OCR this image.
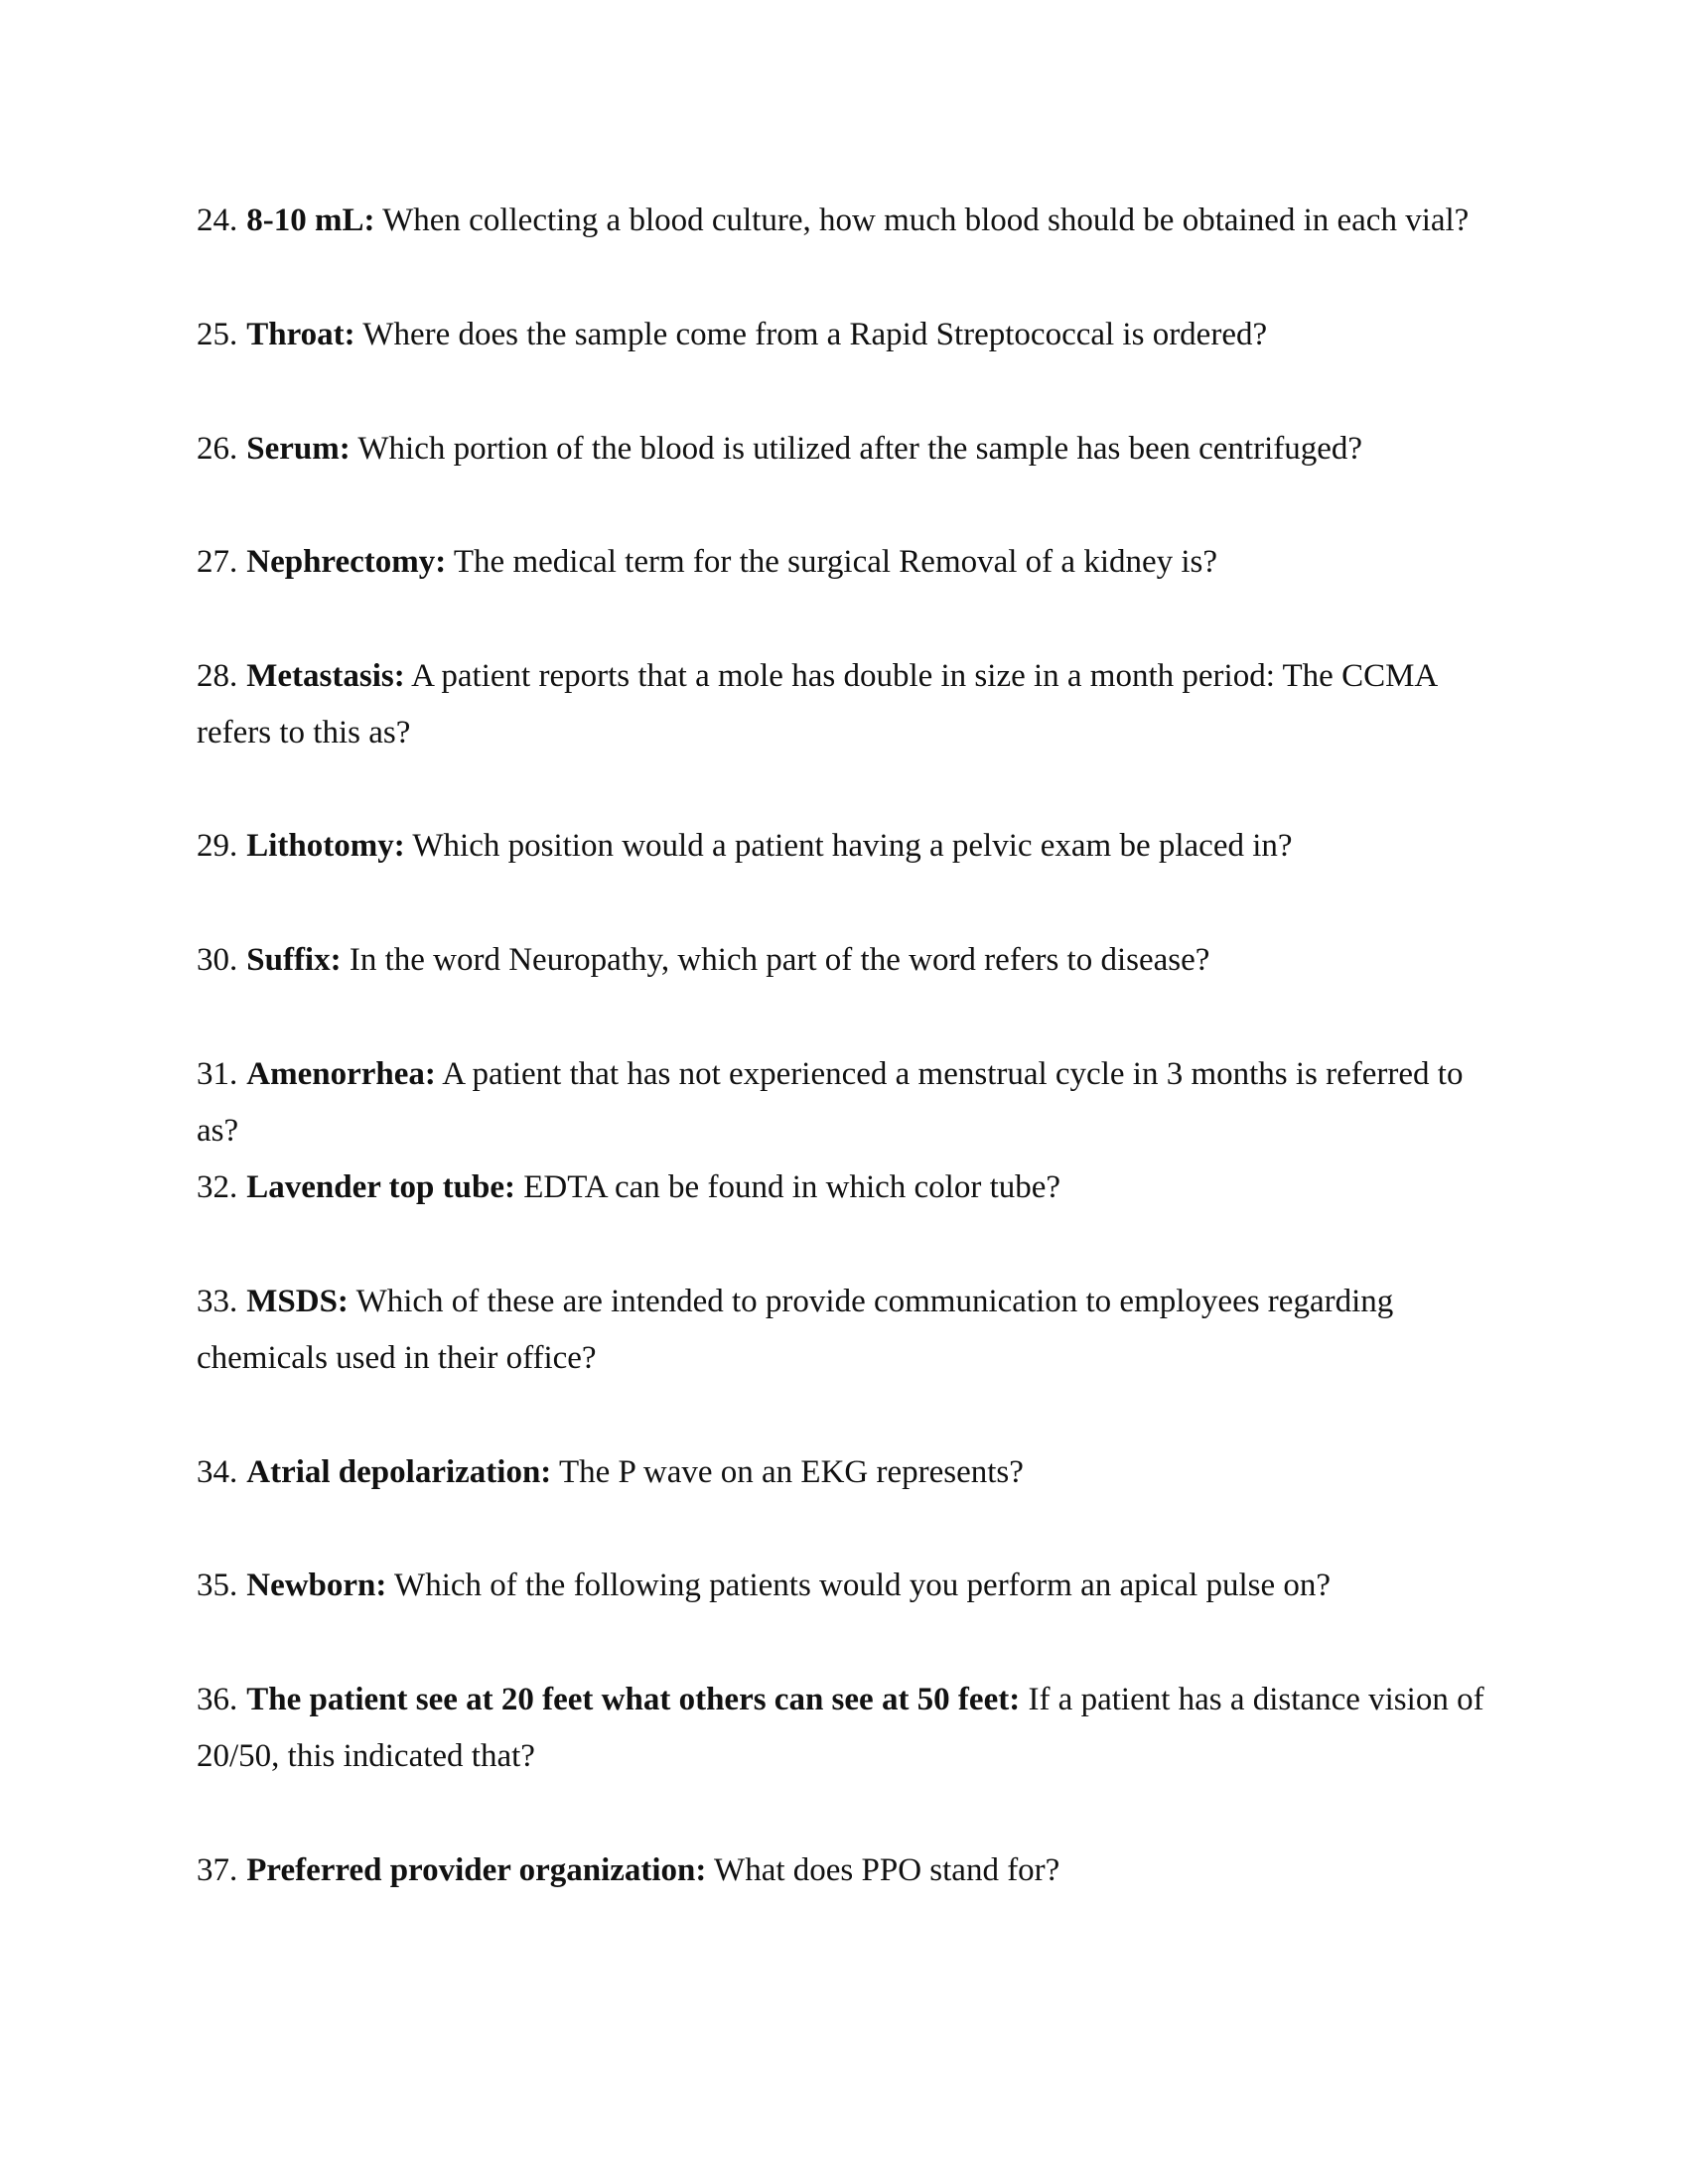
24. 8-10 mL: When collecting a blood culture, how much blood should be obtained in each vial?
25. Throat: Where does the sample come from a Rapid Streptococcal is ordered?
26. Serum: Which portion of the blood is utilized after the sample has been centrifuged?
27. Nephrectomy: The medical term for the surgical Removal of a kidney is?
28. Metastasis: A patient reports that a mole has double in size in a month period: The CCMA refers to this as?
29. Lithotomy: Which position would a patient having a pelvic exam be placed in?
30. Suffix: In the word Neuropathy, which part of the word refers to disease?
31. Amenorrhea: A patient that has not experienced a menstrual cycle in 3 months is referred to as?
32. Lavender top tube: EDTA can be found in which color tube?
33. MSDS: Which of these are intended to provide communication to employees regarding chemicals used in their office?
34. Atrial depolarization: The P wave on an EKG represents?
35. Newborn: Which of the following patients would you perform an apical pulse on?
36. The patient see at 20 feet what others can see at 50 feet: If a patient has a distance vision of 20/50, this indicated that?
37. Preferred provider organization: What does PPO stand for?
